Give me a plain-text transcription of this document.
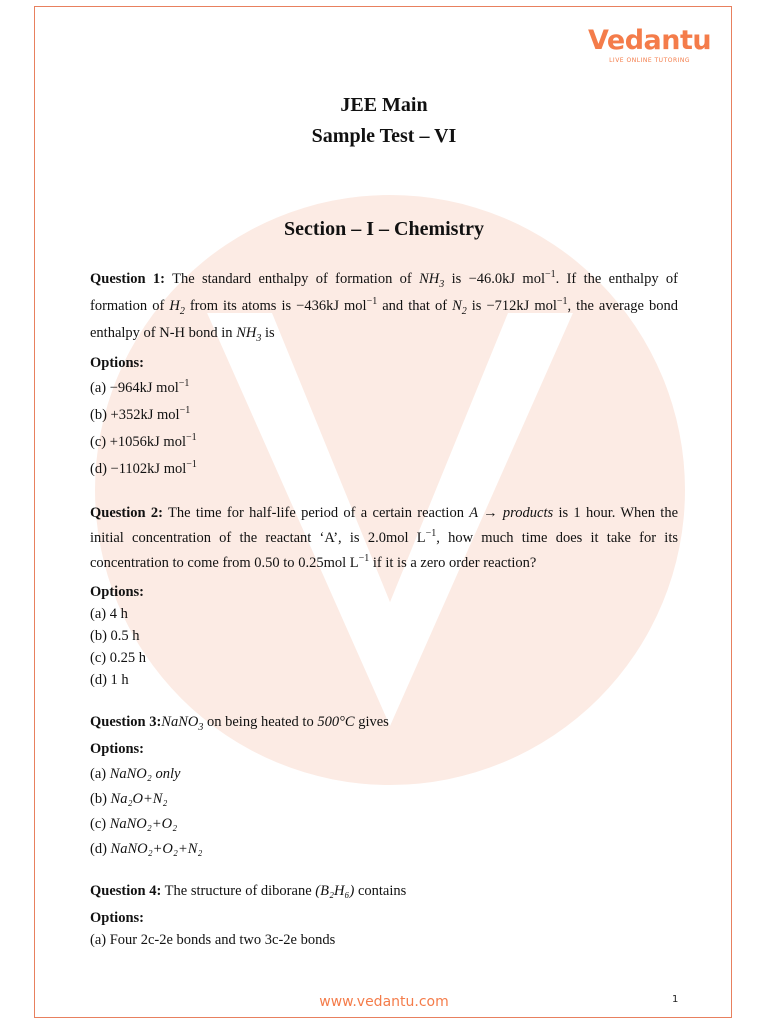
Vedantu
LIVE ONLINE TUTORING
JEE Main
Sample Test – VI
Section – I – Chemistry
Question 1: The standard enthalpy of formation of $NH_3$ is −46.0kJ mol$^{-1}$. If the enthalpy of formation of $H_2$ from its atoms is −436kJ mol$^{-1}$ and that of $N_2$ is −712kJ mol$^{-1}$, the average bond enthalpy of N-H bond in $NH_3$ is
Options:
(a) −964kJ mol$^{-1}$
(b) +352kJ mol$^{-1}$
(c) +1056kJ mol$^{-1}$
(d) −1102kJ mol$^{-1}$
Question 2: The time for half-life period of a certain reaction A → products is 1 hour. When the initial concentration of the reactant ‘A’, is 2.0mol $L^{-1}$, how much time does it take for its concentration to come from 0.50 to 0.25mol $L^{-1}$ if it is a zero order reaction?
Options:
(a) 4 h
(b) 0.5 h
(c) 0.25 h
(d) 1 h
Question 3:NaNO$_3$ on being heated to 500°C gives
Options:
(a) NaNO₂ only
(b) Na₂O+N₂
(c) NaNO₂+O₂
(d) NaNO₂+O₂+N₂
Question 4: The structure of diborane (B₂H₆) contains
Options:
(a) Four 2c-2e bonds and two 3c-2e bonds
www.vedantu.com	1
